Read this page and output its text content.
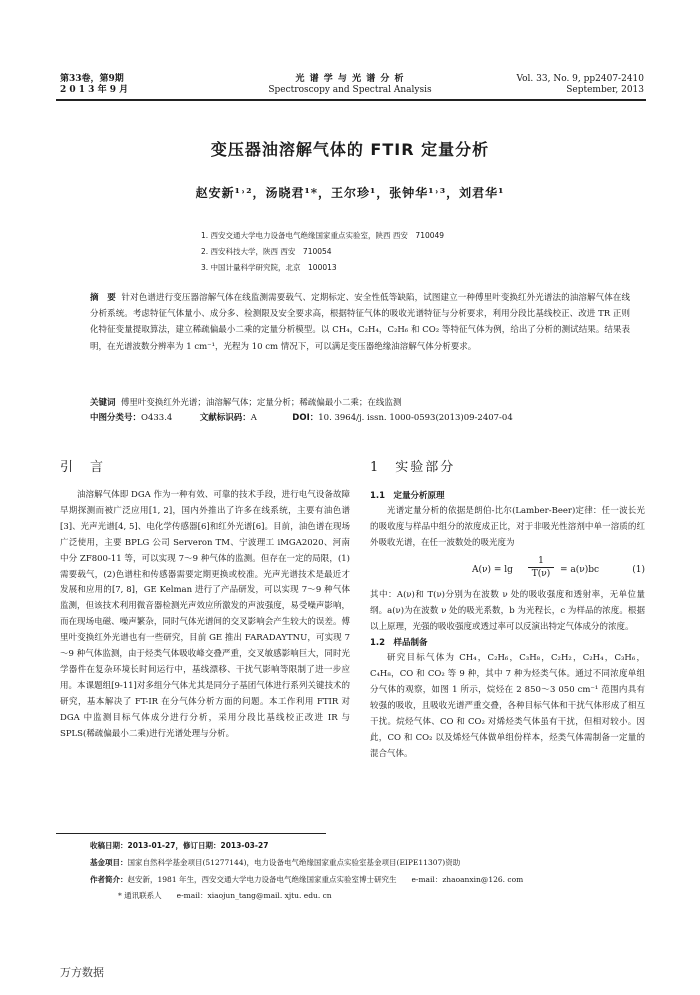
第33卷，第9期
2 0 1 3 年 9 月
光 谱 学 与 光 谱 分 析
Spectroscopy and Spectral Analysis
Vol. 33, No. 9, pp2407-2410
September, 2013
变压器油溶解气体的 FTIR 定量分析
赵安新¹˒²，汤晓君¹*，王尔珍¹，张钟华¹˒³，刘君华¹
1. 西安交通大学电力设备电气绝缘国家重点实验室，陕西 西安　710049
2. 西安科技大学，陕西 西安　710054
3. 中国计量科学研究院，北京　100013
摘　要 针对色谱进行变压器溶解气体在线监测需要载气、定期标定、安全性低等缺陷，试图建立一种傅里叶变换红外光谱法的油溶解气体在线分析系统。考虑特征气体量小、成分多、检测限及安全要求高，根据特征气体的吸收光谱特征与分析要求，利用分段比基线校正、改进 TR 正则化特征变量提取算法，建立稀疏偏最小二乘的定量分析模型。以 CH₄，C₂H₄，C₂H₆ 和 CO₂ 等特征气体为例，给出了分析的测试结果。结果表明，在光谱波数分辨率为 1 cm⁻¹，光程为 10 cm 情况下，可以满足变压器绝缘油溶解气体分析要求。
关键词 傅里叶变换红外光谱；油溶解气体；定量分析；稀疏偏最小二乘；在线监测
中图分类号：O433.4	文献标识码：A	DOI：10. 3964/j. issn. 1000-0593(2013)09-2407-04
引　言	1　实验部分

油溶解气体即 DGA 作为一种有效、可靠的技术手段，进行电气设备故障早期探测而被广泛应用[1, 2]，国内外推出了许多在线系统，主要有油色谱[3]、光声光谱[4, 5]、电化学传感器[6]和红外光谱[6]。目前，油色谱在现场广泛使用，主要 BPLG 公司 Serveron TM、宁波理工 iMGA2020、河南中分 ZF800-11 等，可以实现 7～9 种气体的监测。但存在一定的局限，(1)需要载气，(2)色谱柱和传感器需要定期更换或校准。光声光谱技术是最近才发展和应用的[7, 8]，GE Kelman 进行了产品研发，可以实现 7～9 种气体监测，但该技术利用微音器检测光声效应所激发的声波强度，易受噪声影响，而在现场电磁、噪声繁杂，同时气体光谱间的交叉影响会产生较大的误差。傅里叶变换红外光谱也有一些研究，目前 GE 推出 FARADAYTNU，可实现 7～9 种气体监测，由于烃类气体吸收峰交叠严重，交叉敏感影响巨大，同时光学器件在复杂环境长时间运行中，基线漂移、干扰气影响等限制了进一步应用。本课题组[9-11]对多组分气体尤其是同分子基团气体进行系列关键技术的研究，基本解决了 FT-IR 在分气体分析方面的问题。本工作利用 FTIR 对 DGA 中监测目标气体成分进行分析，采用分段比基线校正改进 IR 与 SPLS(稀疏偏最小二乘)进行光谱处理与分析。

1.1　定量分析原理

光谱定量分析的依据是朗伯-比尔(Lamber-Beer)定律：任一波长光的吸收度与样品中组分的浓度成正比，对于非吸光性溶剂中单一溶质的红外吸收光谱，在任一波数处的吸光度为

$A(\nu) = \lg \frac{1}{T(\nu)} = a(\nu)bc$	(1)

其中：A(ν)和 T(ν)分别为在波数 ν 处的吸收强度和透射率，无单位量纲。a(ν)为在波数 ν 处的吸光系数，b 为光程长，c 为样品的浓度。根据以上原理，光强的吸收强度或透过率可以反演出特定气体成分的浓度。

1.2　样品制备

研究目标气体为 CH₄，C₂H₆，C₃H₈，C₂H₂，C₂H₄，C₃H₆，C₄H₈，CO 和 CO₂ 等 9 种，其中 7 种为烃类气体。通过不同浓度单组分气体的观察，如图 1 所示，烷烃在 2 850～3 050 cm⁻¹ 范围内具有较强的吸收，且吸收光谱严重交叠，各种目标气体和干扰气体形成了相互干扰。烷烃气体、CO 和 CO₂ 对烯烃类气体虽有干扰，但相对较小。因此，CO 和 CO₂ 以及烯烃气体做单组份样本，烃类气体需制备一定量的混合气体。

收稿日期：2013-01-27，修订日期：2013-03-27
基金项目：国家自然科学基金项目(51277144)，电力设备电气绝缘国家重点实验室基金项目(EIPE11307)资助
作者简介：赵安新，1981 年生，西安交通大学电力设备电气绝缘国家重点实验室博士研究生　　e-mail：zhaoanxin@126. com
* 通讯联系人　　e-mail：xiaojun_tang@mail. xjtu. edu. cn
万方数据
